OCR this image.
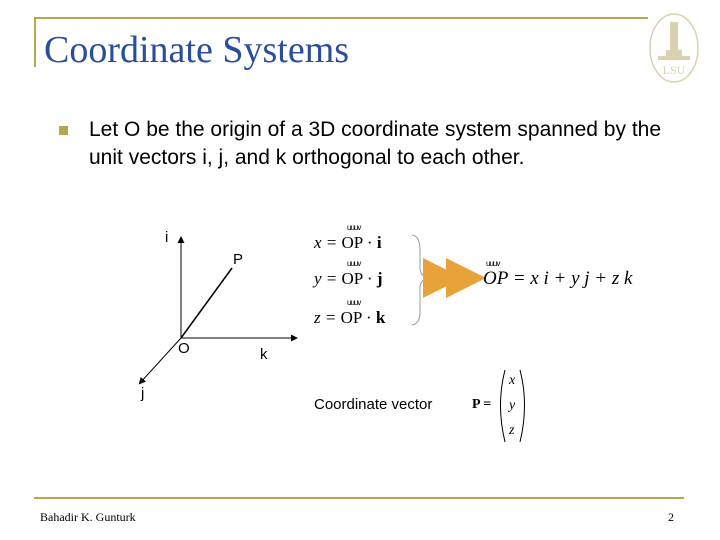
Coordinate Systems	LSU
Let O be the origin of a 3D coordinate system spanned by the unit vectors i, j, and k orthogonal to each other.
i
P
O	k
j
uuuv
x = OP · i
uuuv
y = OP · j
uuuv
z = OP · k
uuuv
OP = x i + y j + z k
Coordinate vector	P =
x
y
z
Bahadir K. Gunturk	2
